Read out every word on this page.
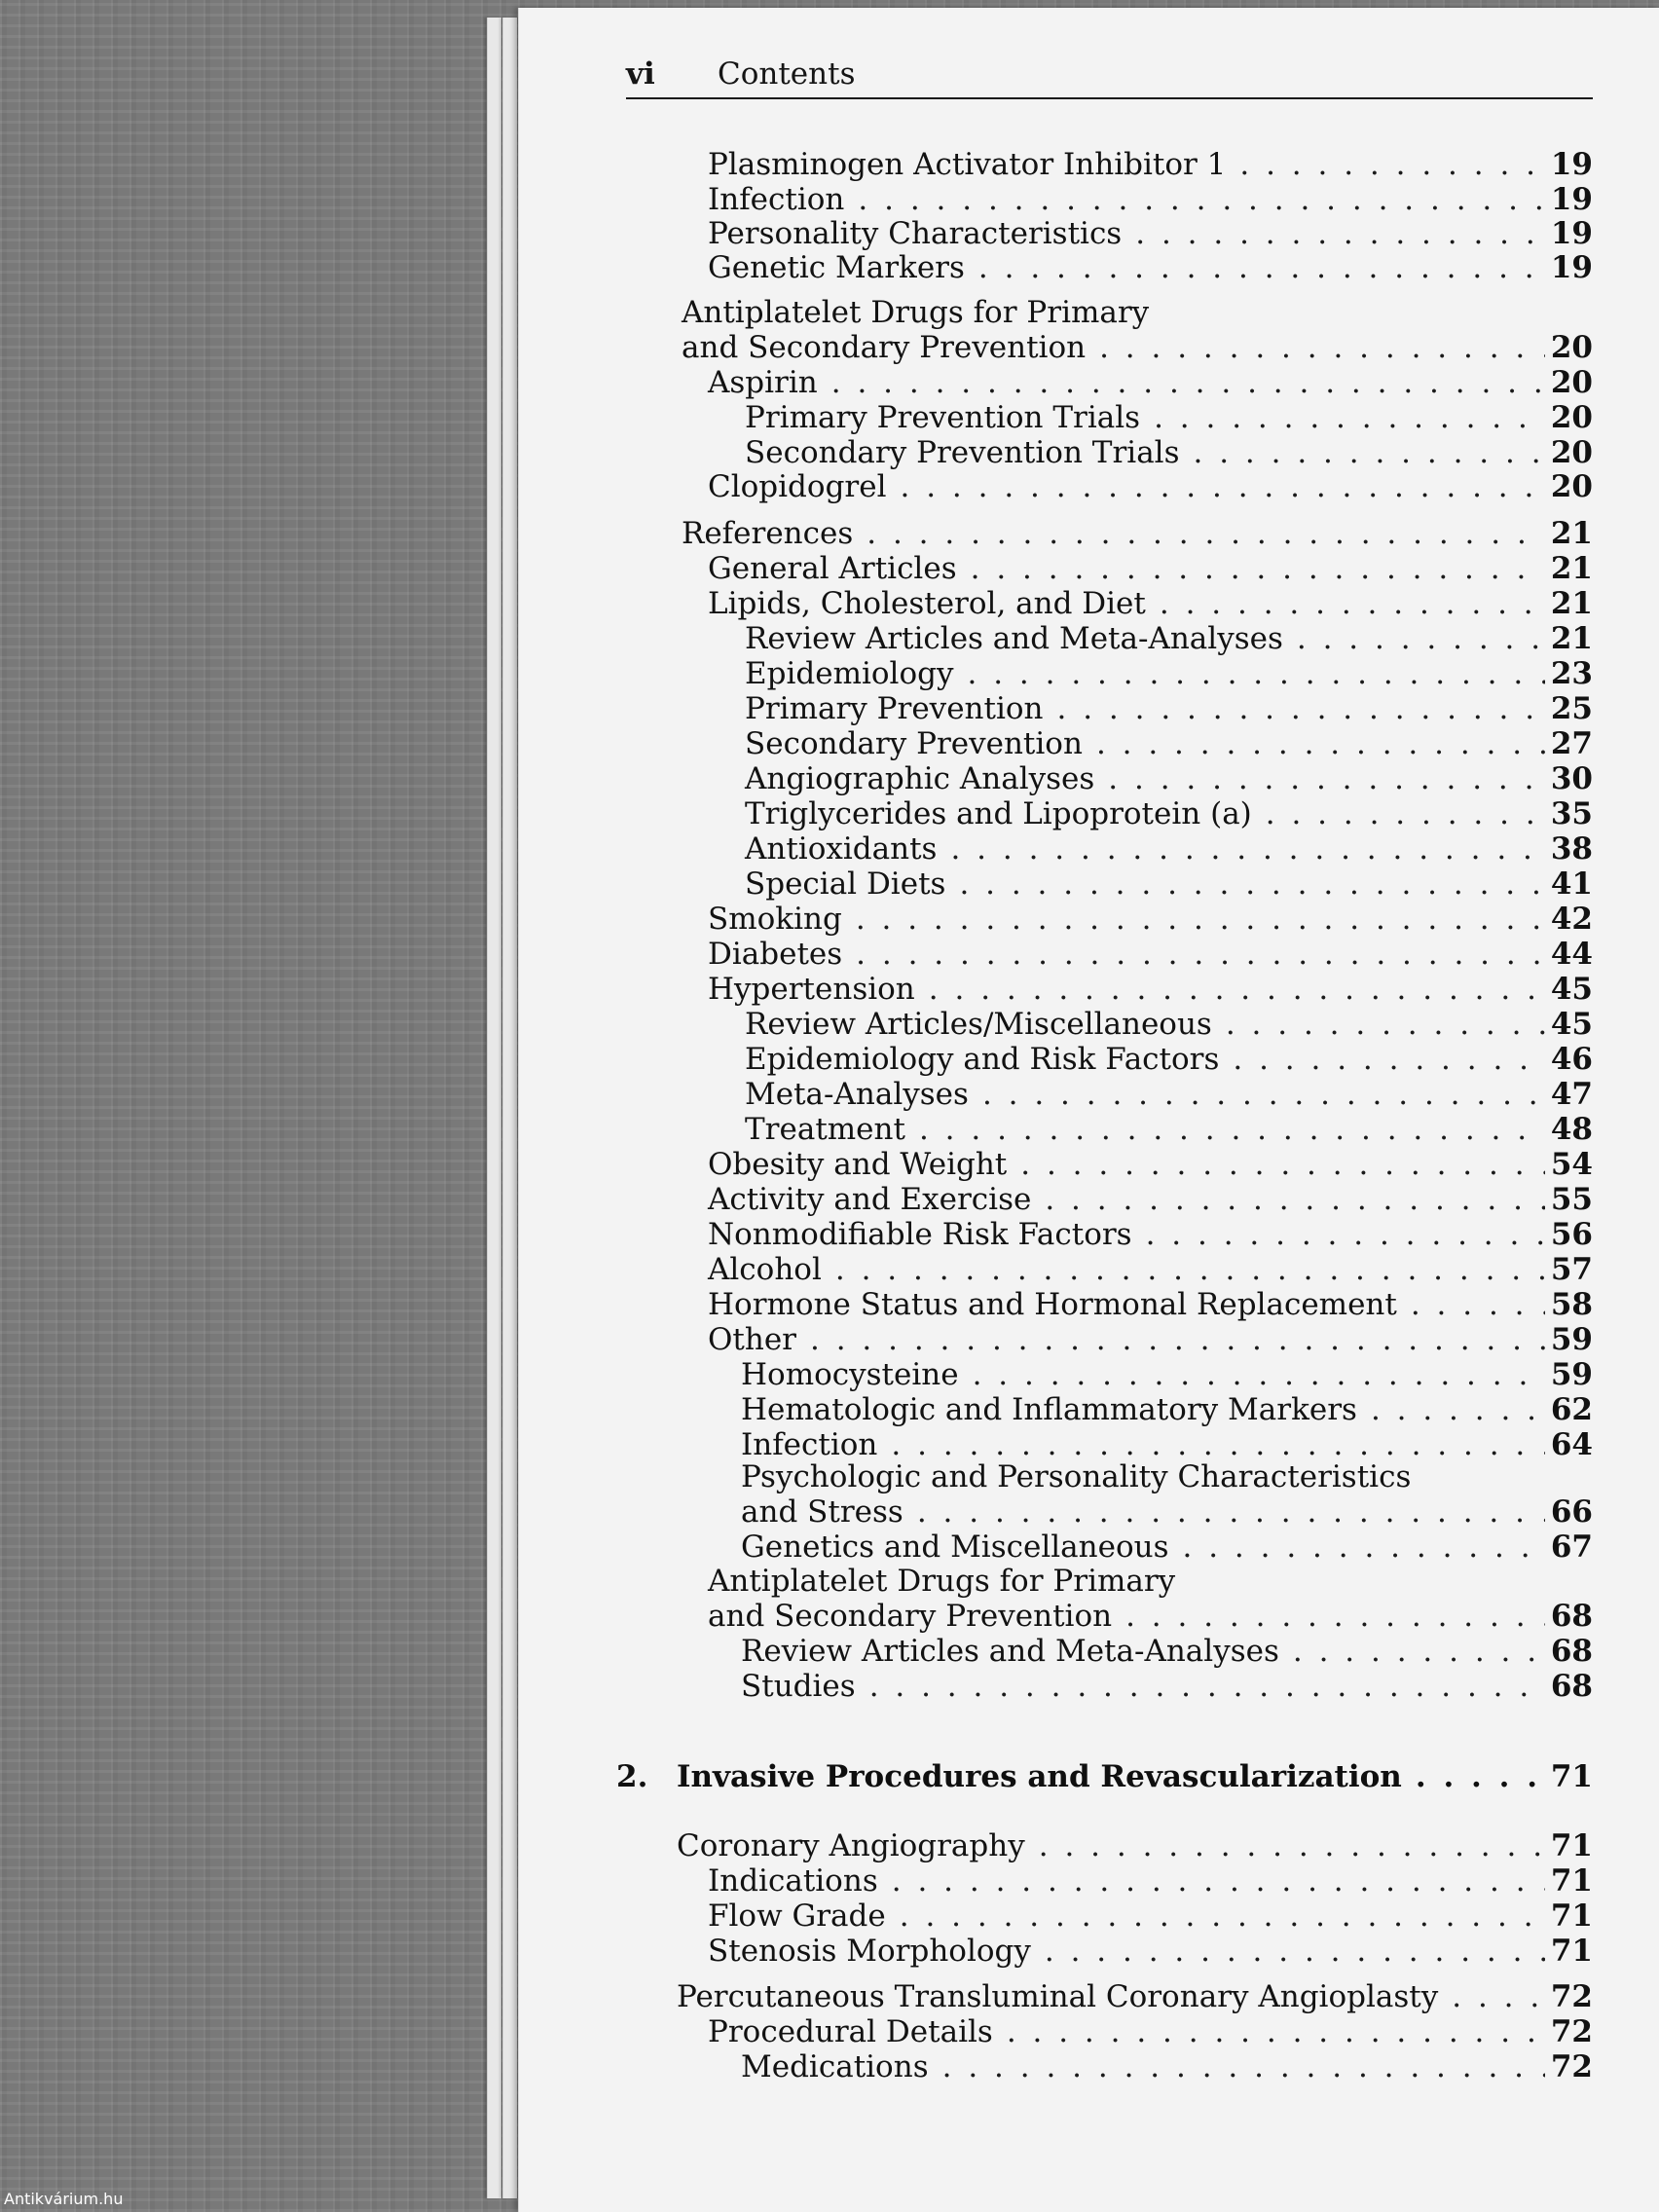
Antikvárium.hu
vi Contents
Plasminogen Activator Inhibitor 1 . . .	19
Infection . . .	19
Personality Characteristics . . .	19
Genetic Markers . . .	19
Antiplatelet Drugs for Primary
and Secondary Prevention . . .	20
Aspirin . . .	20
Primary Prevention Trials . . .	20
Secondary Prevention Trials . . .	20
Clopidogrel . . .	20
References . . .	21
General Articles . . .	21
Lipids, Cholesterol, and Diet . . .	21
Review Articles and Meta-Analyses . . .	21
Epidemiology . . .	23
Primary Prevention . . .	25
Secondary Prevention . . .	27
Angiographic Analyses . . .	30
Triglycerides and Lipoprotein (a) . . .	35
Antioxidants . . .	38
Special Diets . . .	41
Smoking . . .	42
Diabetes . . .	44
Hypertension . . .	45
Review Articles/Miscellaneous . . .	45
Epidemiology and Risk Factors . . .	46
Meta-Analyses . . .	47
Treatment . . .	48
Obesity and Weight . . .	54
Activity and Exercise . . .	55
Nonmodifiable Risk Factors . . .	56
Alcohol . . .	57
Hormone Status and Hormonal Replacement . . .	58
Other . . .	59
Homocysteine . . .	59
Hematologic and Inflammatory Markers . . .	62
Infection . . .	64
Psychologic and Personality Characteristics
and Stress . . .	66
Genetics and Miscellaneous . . .	67
Antiplatelet Drugs for Primary
and Secondary Prevention . . .	68
Review Articles and Meta-Analyses . . .	68
Studies . . .	68
2. Invasive Procedures and Revascularization . . .	71
Coronary Angiography . . .	71
Indications . . .	71
Flow Grade . . .	71
Stenosis Morphology . . .	71
Percutaneous Transluminal Coronary Angioplasty . . .	72
Procedural Details . . .	72
Medications . . .	72
